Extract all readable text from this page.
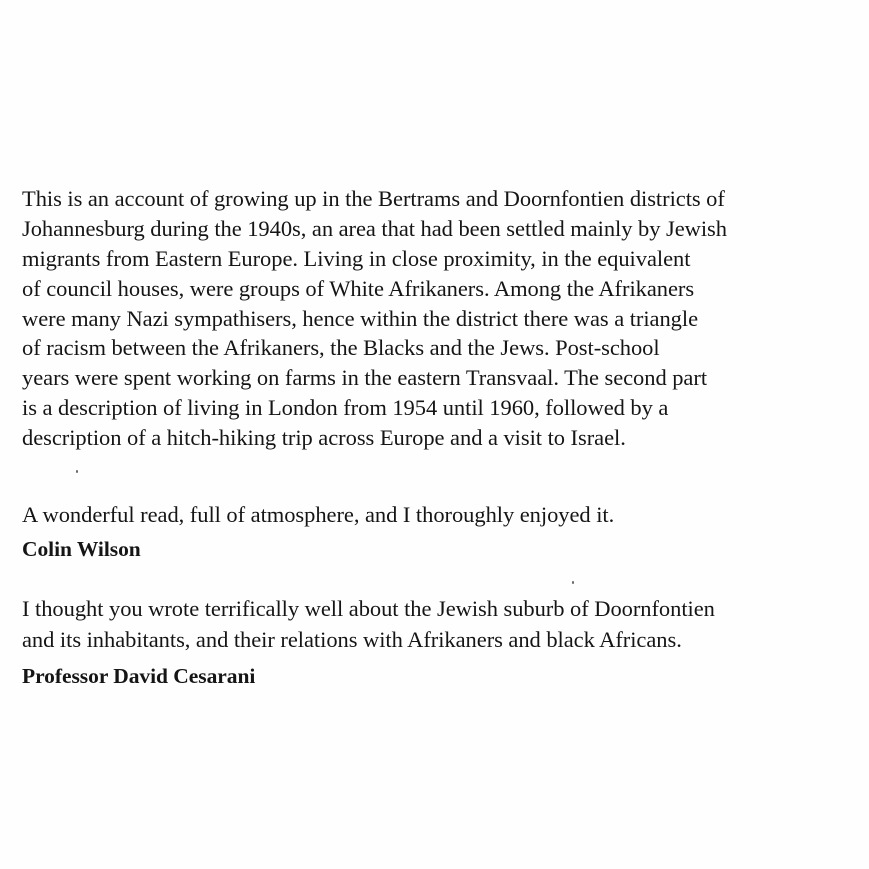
This is an account of growing up in the Bertrams and Doornfontien districts of
Johannesburg during the 1940s, an area that had been settled mainly by Jewish
migrants from Eastern Europe. Living in close proximity, in the equivalent
of council houses, were groups of White Afrikaners. Among the Afrikaners
were many Nazi sympathisers, hence within the district there was a triangle
of racism between the Afrikaners, the Blacks and the Jews. Post-school
years were spent working on farms in the eastern Transvaal. The second part
is a description of living in London from 1954 until 1960, followed by a
description of a hitch-hiking trip across Europe and a visit to Israel.
A wonderful read, full of atmosphere, and I thoroughly enjoyed it.
Colin Wilson
I thought you wrote terrifically well about the Jewish suburb of Doornfontien
and its inhabitants, and their relations with Afrikaners and black Africans.
Professor David Cesarani
